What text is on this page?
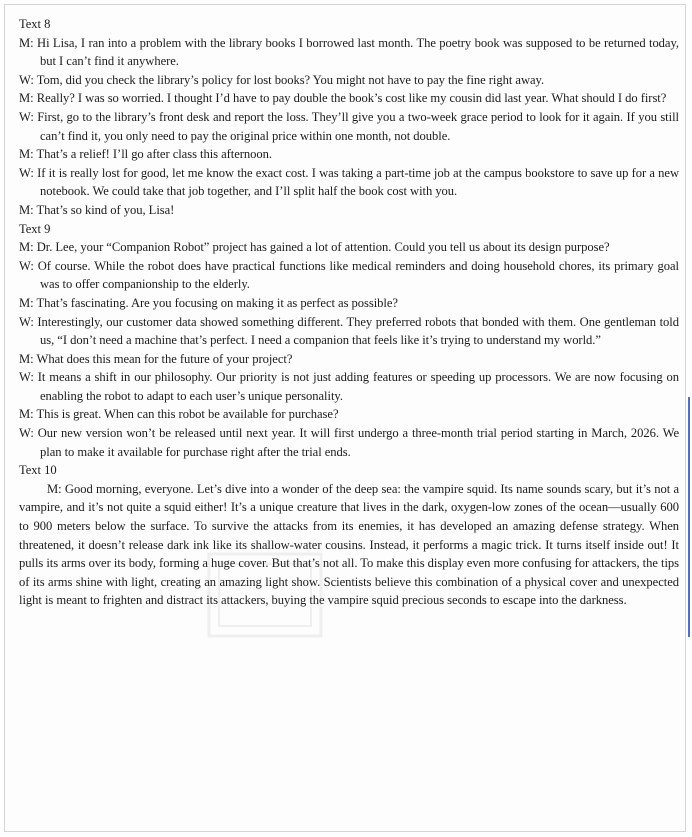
Text 8

M: Hi Lisa, I ran into a problem with the library books I borrowed last month. The poetry book was supposed to be returned today, but I can’t find it anywhere.

W: Tom, did you check the library’s policy for lost books? You might not have to pay the fine right away.

M: Really? I was so worried. I thought I’d have to pay double the book’s cost like my cousin did last year. What should I do first?

W: First, go to the library’s front desk and report the loss. They’ll give you a two-week grace period to look for it again. If you still can’t find it, you only need to pay the original price within one month, not double.

M: That’s a relief! I’ll go after class this afternoon.

W: If it is really lost for good, let me know the exact cost. I was taking a part-time job at the campus bookstore to save up for a new notebook. We could take that job together, and I’ll split half the book cost with you.

M: That’s so kind of you, Lisa!

Text 9

M: Dr. Lee, your “Companion Robot” project has gained a lot of attention. Could you tell us about its design purpose?

W: Of course. While the robot does have practical functions like medical reminders and doing household chores, its primary goal was to offer companionship to the elderly.

M: That’s fascinating. Are you focusing on making it as perfect as possible?

W: Interestingly, our customer data showed something different. They preferred robots that bonded with them. One gentleman told us, “I don’t need a machine that’s perfect. I need a companion that feels like it’s trying to understand my world.”

M: What does this mean for the future of your project?

W: It means a shift in our philosophy. Our priority is not just adding features or speeding up processors. We are now focusing on enabling the robot to adapt to each user’s unique personality.

M: This is great. When can this robot be available for purchase?

W: Our new version won’t be released until next year. It will first undergo a three-month trial period starting in March, 2026. We plan to make it available for purchase right after the trial ends.

Text 10

M: Good morning, everyone. Let’s dive into a wonder of the deep sea: the vampire squid. Its name sounds scary, but it’s not a vampire, and it’s not quite a squid either! It’s a unique creature that lives in the dark, oxygen-low zones of the ocean—usually 600 to 900 meters below the surface. To survive the attacks from its enemies, it has developed an amazing defense strategy. When threatened, it doesn’t release dark ink like its shallow-water cousins. Instead, it performs a magic trick. It turns itself inside out! It pulls its arms over its body, forming a huge cover. But that’s not all. To make this display even more confusing for attackers, the tips of its arms shine with light, creating an amazing light show. Scientists believe this combination of a physical cover and unexpected light is meant to frighten and distract its attackers, buying the vampire squid precious seconds to escape into the darkness.
